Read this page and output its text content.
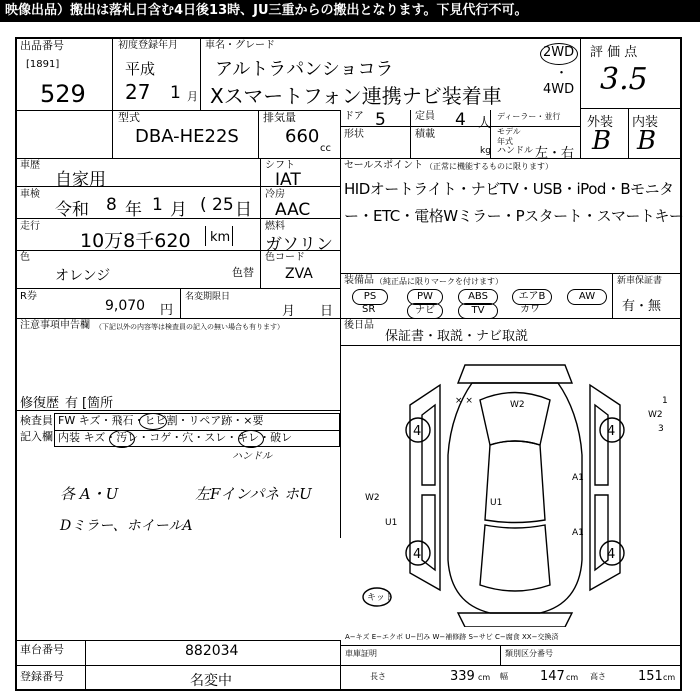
映像出品）搬出は落札日含む4日後13時、JU三重からの搬出となります。下見代行不可。
出品番号
[1891]
529
初度登録年月
平成
27 1 月
車名・グレード
アルトラパンショコラ
Xスマートフォン連携ナビ装着車
2WD
・
4WD
評 価 点
3.5
外装 内装
B B
型式
DBA-HE22S
排気量
660
cc
ドア 5
形状
定員 4 人
積載
kg
ディーラー・並行
モデル年式
ハンドル 左・右
車歴
自家用
シフト
IAT
車検
令和 8 年 1 月 ( 25 日
冷房
AAC
走行
10万8千620 km
燃料
ガソリン
色
オレンジ	色替
色コード
ZVA
R券
9,070 円
名変期限日
月 日
注意事項申告欄 （下記以外の内容等は検査員の記入の無い場合も有ります）
修復歴 有 [箇所
セールスポイント （正常に機能するものに限ります）
HIDオートライト・ナビTV・USB・iPod・Bモニタ
ー・ETC・電格Wミラー・Pスタート・スマートキー
装備品 （純正品に限りマークを付けます）
PS	PW	ABS	エアB	AW
SR	ナビ	TV	カワ
新車保証書
有・無
後日品
保証書・取説・ナビ取説
検査員
記入欄
FW キズ・飛石・ヒビ割・リペア跡・×要
内装 キズ・汚レ・コゲ・穴・スレ・キレ・破レ
ハンドル
各 A・U	左Fインパネ ホU
Dミラー、ホイールA
4
4
4
4
× ×	W2
W2
U1
U1
A1
A1
1
W2
3
キット
A−キズ E−エクボ U−凹み W−補修跡 S−サビ C−腐食 XX−交換済
車台番号	882034
登録番号	名変中
車庫証明	類別区分番号
長さ	339 cm 幅 147 cm 高さ 151 cm
